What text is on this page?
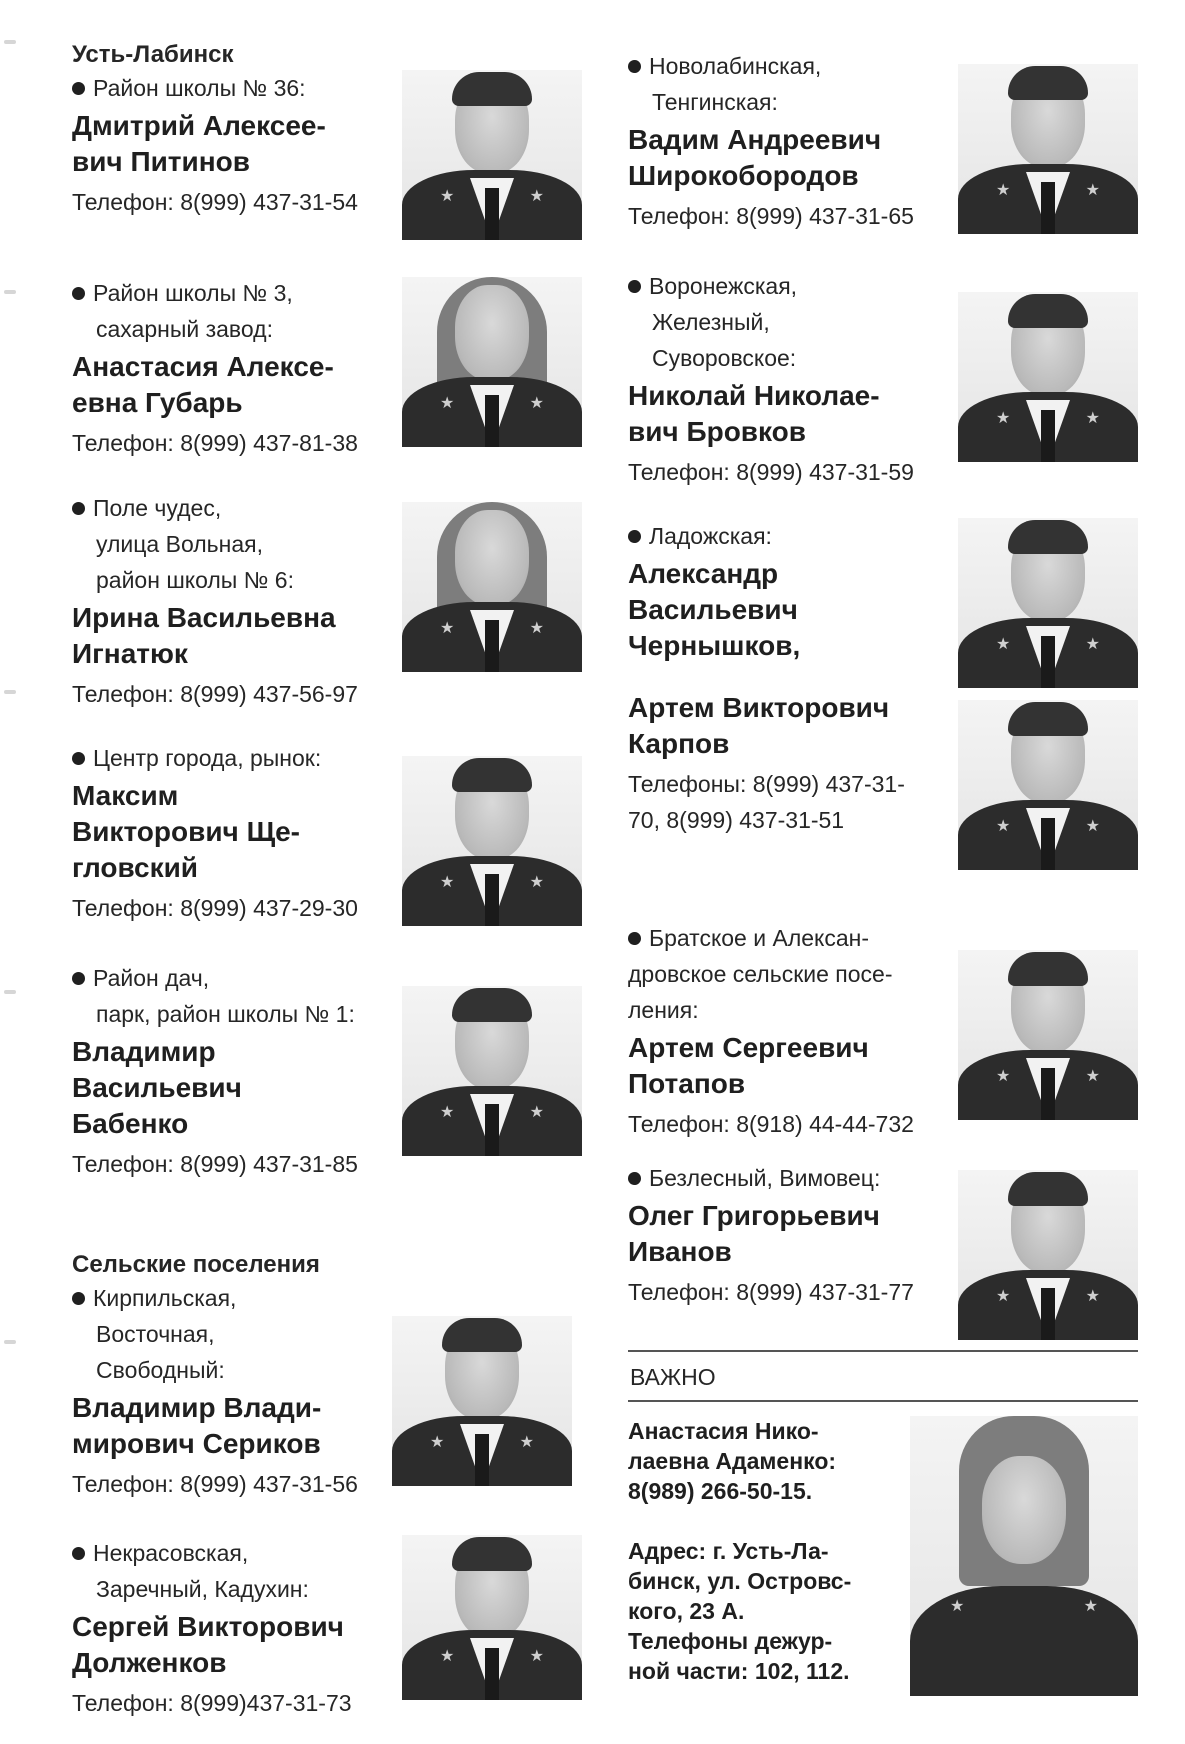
Усть-Лабинск
Район школы № 36:
Дмитрий Алексее-
вич Питинов
Телефон: 8(999) 437-31-54	★	★
Район школы № 3,
сахарный завод:
Анастасия Алексе-
евна Губарь
Телефон: 8(999) 437-81-38
★	★
Поле чудес,
улица Вольная,
район школы № 6:
Ирина Васильевна
Игнатюк
Телефон: 8(999) 437-56-97
★	★
Центр города, рынок:
Максим
Викторович Ще-
гловский
Телефон: 8(999) 437-29-30
★	★
Район дач,
парк, район школы № 1:
Владимир
Васильевич
Бабенко
Телефон: 8(999) 437-31-85
★	★
Сельские поселения
Кирпильская,
Восточная,
Свободный:
Владимир Влади-
мирович Сериков
Телефон: 8(999) 437-31-56
★	★
Некрасовская,
Заречный, Кадухин:
Сергей Викторович
Долженков
Телефон: 8(999)437-31-73
★	★
Новолабинская,
Тенгинская:
Вадим Андреевич
Широкобородов
Телефон: 8(999) 437-31-65
★	★
Воронежская,
Железный,
Суворовское:
Николай Николае-
вич Бровков
Телефон: 8(999) 437-31-59
★	★
Ладожская:
Александр
Васильевич
Чернышков,	★	★
Артем Викторович
Карпов
Телефоны: 8(999) 437-31-
70, 8(999) 437-31-51	★	★
Братское и Алексан-
дровское сельские посе-
ления:
Артем Сергеевич
Потапов
Телефон: 8(918) 44-44-732
★	★
Безлесный, Вимовец:
Олег Григорьевич
Иванов
Телефон: 8(999) 437-31-77	★	★
ВАЖНО
Анастасия Нико-
лаевна Адаменко:
8(989) 266-50-15.
Адрес: г. Усть-Ла-
бинск, ул. Островс-
кого, 23 А.
Телефоны дежур-
ной части: 102, 112.
★	★
